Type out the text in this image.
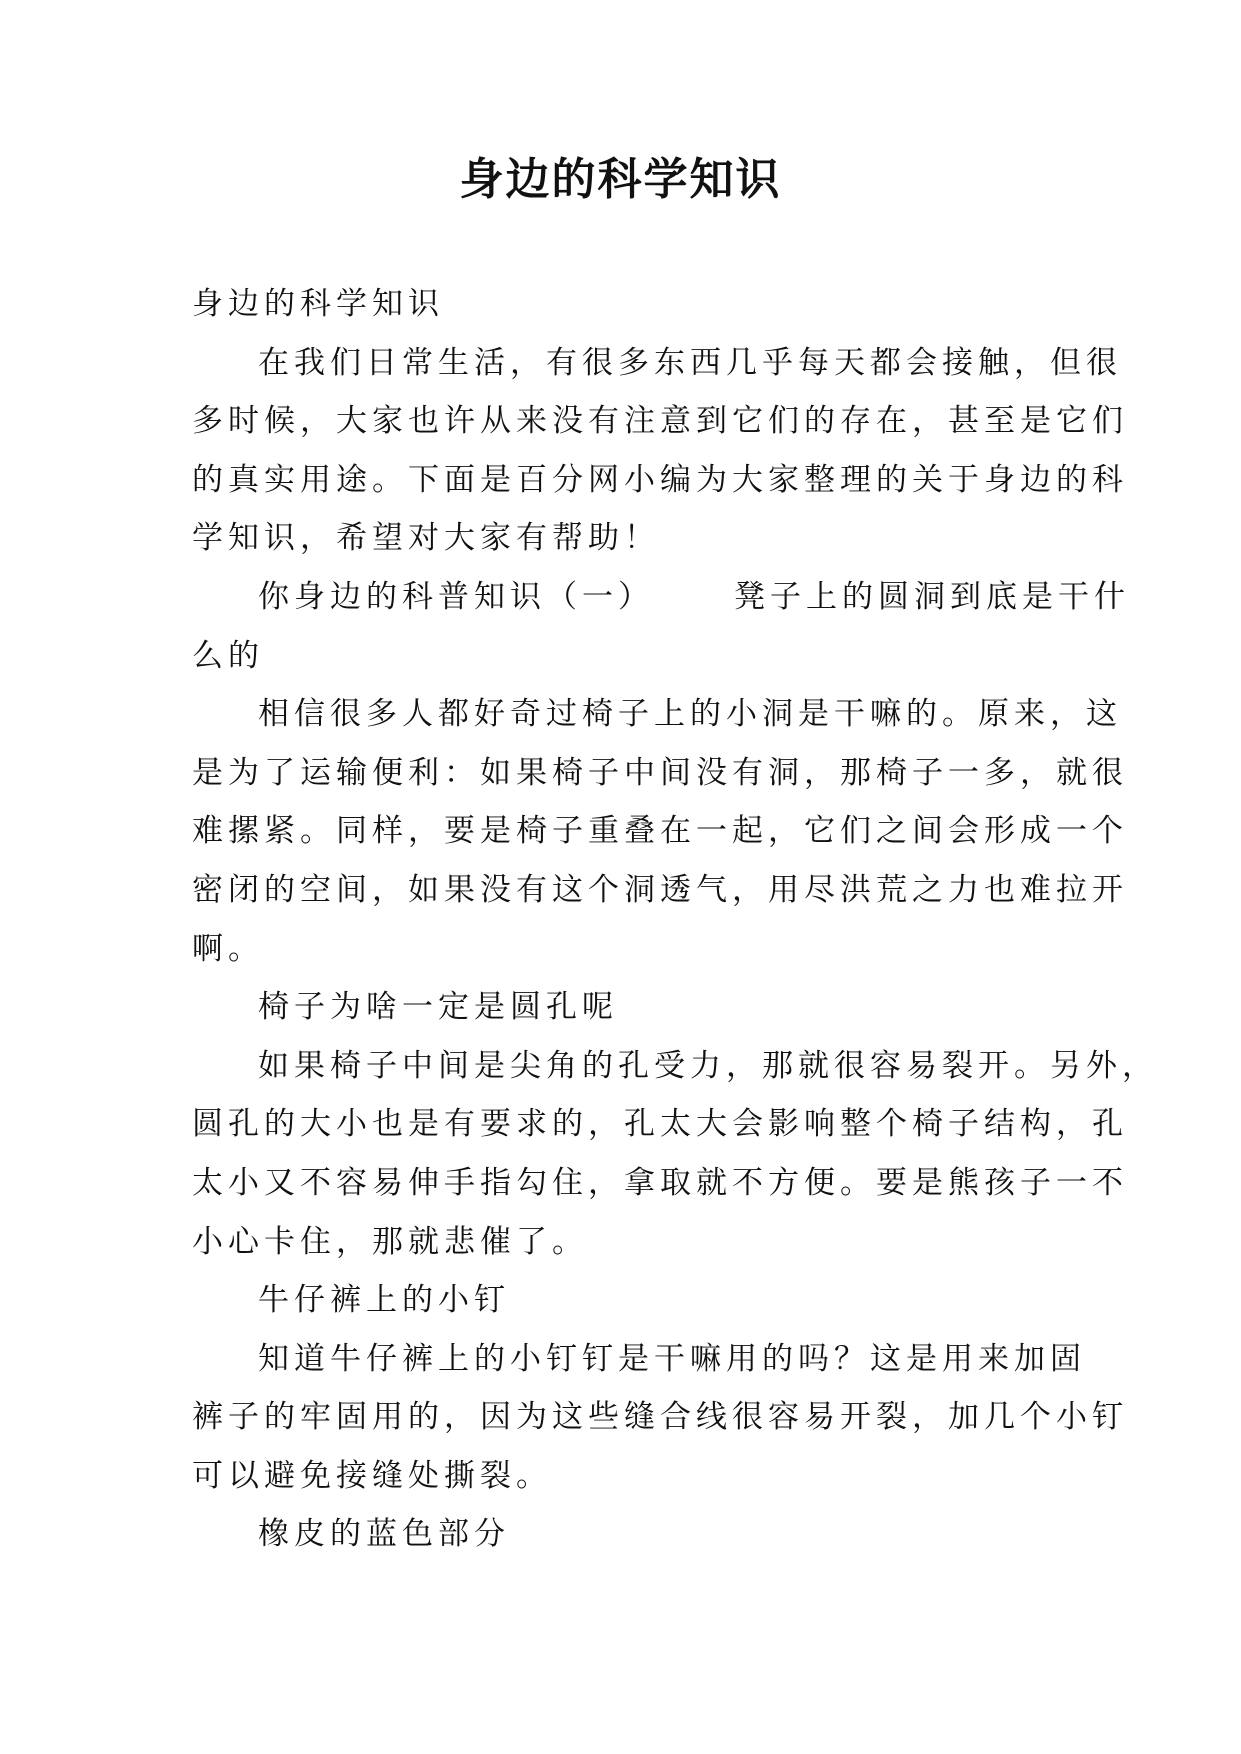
身边的科学知识
身边的科学知识
在我们日常生活，有很多东西几乎每天都会接触，但很
多时候，大家也许从来没有注意到它们的存在，甚至是它们
的真实用途。下面是百分网小编为大家整理的关于身边的科
学知识，希望对大家有帮助！
你身边的科普知识（一）	凳子上的圆洞到底是干什
么的
相信很多人都好奇过椅子上的小洞是干嘛的。原来，这
是为了运输便利：如果椅子中间没有洞，那椅子一多，就很
难摞紧。同样，要是椅子重叠在一起，它们之间会形成一个
密闭的空间，如果没有这个洞透气，用尽洪荒之力也难拉开
啊。
椅子为啥一定是圆孔呢
如果椅子中间是尖角的孔受力，那就很容易裂开。另外，
圆孔的大小也是有要求的，孔太大会影响整个椅子结构，孔
太小又不容易伸手指勾住，拿取就不方便。要是熊孩子一不
小心卡住，那就悲催了。
牛仔裤上的小钉
知道牛仔裤上的小钉钉是干嘛用的吗？这是用来加固
裤子的牢固用的，因为这些缝合线很容易开裂，加几个小钉
可以避免接缝处撕裂。
橡皮的蓝色部分
